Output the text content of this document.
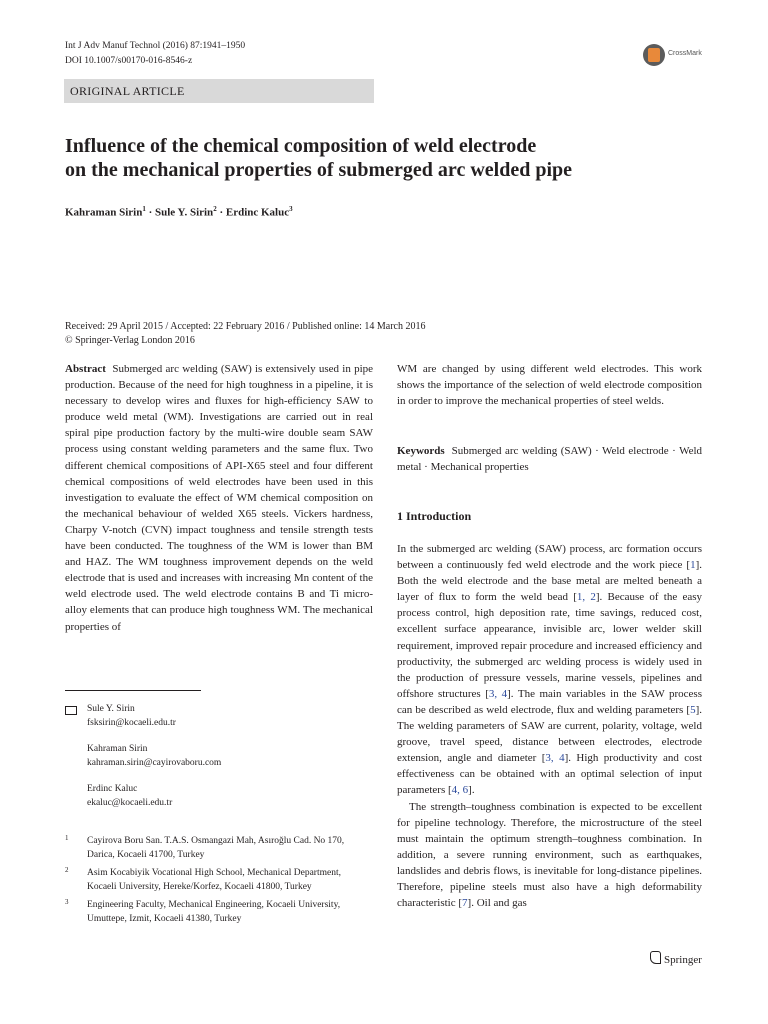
Int J Adv Manuf Technol (2016) 87:1941–1950
DOI 10.1007/s00170-016-8546-z
ORIGINAL ARTICLE
CrossMark
Influence of the chemical composition of weld electrode
on the mechanical properties of submerged arc welded pipe
Kahraman Sirin$^1$ · Sule Y. Sirin$^2$ · Erdinc Kaluc$^3$
Received: 29 April 2015 / Accepted: 22 February 2016 / Published online: 14 March 2016
© Springer-Verlag London 2016

Abstract Submerged arc welding (SAW) is extensively used in pipe production. Because of the need for high toughness in a pipeline, it is necessary to develop wires and fluxes for high-efficiency SAW to produce weld metal (WM). Investigations are carried out in real spiral pipe production factory by the multi-wire double seam SAW process using constant welding parameters and the same flux. Two different chemical compositions of API-X65 steel and four different chemical compositions of weld electrodes have been used in this investigation to evaluate the effect of WM chemical composition on the mechanical behaviour of welded X65 steels. Vickers hardness, Charpy V-notch (CVN) impact toughness and tensile strength tests have been conducted. The toughness of the WM is lower than BM and HAZ. The WM toughness improvement depends on the weld electrode that is used and increases with increasing Mn content of the weld electrode used. The weld electrode contains B and Ti micro-alloy elements that can produce high toughness WM. The mechanical properties of

WM are changed by using different weld electrodes. This work shows the importance of the selection of weld electrode composition in order to improve the mechanical properties of steel welds.

Keywords Submerged arc welding (SAW) · Weld electrode · Weld metal · Mechanical properties

1 Introduction

In the submerged arc welding (SAW) process, arc formation occurs between a continuously fed weld electrode and the work piece [1]. Both the weld electrode and the base metal are melted beneath a layer of flux to form the weld bead [1, 2]. Because of the easy process control, high deposition rate, time savings, reduced cost, excellent surface appearance, invisible arc, lower welder skill requirement, improved repair procedure and increased efficiency and productivity, the submerged arc welding process is widely used in the production of pressure vessels, marine vessels, pipelines and offshore structures [3, 4]. The main variables in the SAW process can be described as weld electrode, flux and welding parameters [5]. The welding parameters of SAW are current, polarity, voltage, weld groove, travel speed, distance between electrodes, electrode extension, angle and diameter [3, 4]. High productivity and cost effectiveness can be obtained with an optimal selection of input parameters [4, 6].

The strength–toughness combination is expected to be excellent for pipeline technology. Therefore, the microstructure of the steel must maintain the optimum strength–toughness combination. In addition, a severe running environment, such as earthquakes, landslides and debris flows, is inevitable for long-distance pipelines. Therefore, pipeline steels must also have a high deformability characteristic [7]. Oil and gas

Sule Y. Sirin
fsksirin@kocaeli.edu.tr
Kahraman Sirin
kahraman.sirin@cayirovaboru.com
Erdinc Kaluc
ekaluc@kocaeli.edu.tr
1 Cayirova Boru San. T.A.S. Osmangazi Mah, Asıroğlu Cad. No 170,
Darica, Kocaeli 41700, Turkey
2 Asim Kocabiyik Vocational High School, Mechanical Department,
Kocaeli University, Hereke/Korfez, Kocaeli 41800, Turkey
3 Engineering Faculty, Mechanical Engineering, Kocaeli University,
Umuttepe, Izmit, Kocaeli 41380, Turkey
Springer
